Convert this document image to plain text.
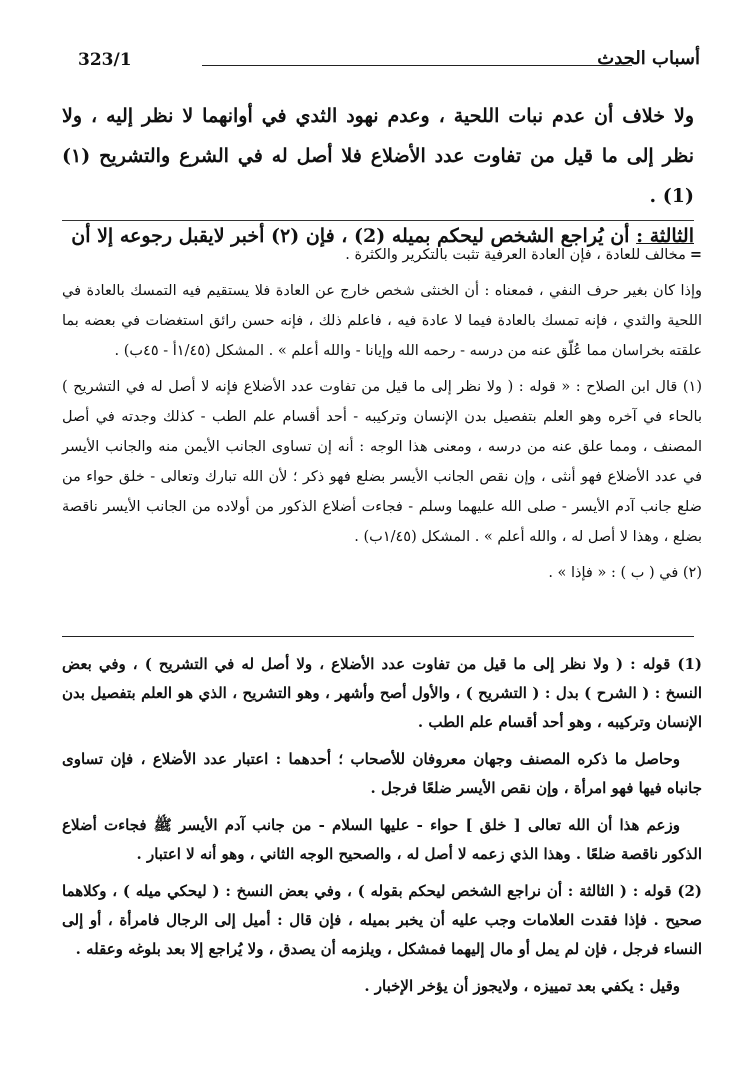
323/1	أسباب الحدث

ولا خلاف أن عدم نبات اللحية ، وعدم نهود الثدي في أوانهما لا نظر إليه ، ولا نظر إلى ما قيل من تفاوت عدد الأضلاع فلا أصل له في الشرع والتشريح (١) (1) .

الثالثة : أن يُراجع الشخص ليحكم بميله (2) ، فإن (٢) أخبر لايقبل رجوعه إلا أن

=مخالف للعادة ، فإن العادة العرفية تثبت بالتكرير والكثرة .

وإذا كان بغير حرف النفي ، فمعناه : أن الخنثى شخص خارج عن العادة فلا يستقيم فيه التمسك بالعادة في اللحية والثدي ، فإنه تمسك بالعادة فيما لا عادة فيه ، فاعلم ذلك ، فإنه حسن رائق استغضات في بعضه بما علقته بخراسان مما عُلّق عنه من درسه - رحمه الله وإيانا - والله أعلم » . المشكل (١/٤٥أ - ٤٥ب) .

(١) قال ابن الصلاح : « قوله : ( ولا نظر إلى ما قيل من تفاوت عدد الأضلاع فإنه لا أصل له في التشريح ) بالحاء في آخره وهو العلم بتفصيل بدن الإنسان وتركيبه - أحد أقسام علم الطب - كذلك وجدته في أصل المصنف ، ومما علق عنه من درسه ، ومعنى هذا الوجه : أنه إن تساوى الجانب الأيمن منه والجانب الأيسر في عدد الأضلاع فهو أنثى ، وإن نقص الجانب الأيسر بضلع فهو ذكر ؛ لأن الله تبارك وتعالى - خلق حواء من ضلع جانب آدم الأيسر - صلى الله عليهما وسلم - فجاءت أضلاع الذكور من أولاده من الجانب الأيسر ناقصة بضلع ، وهذا لا أصل له ، والله أعلم » . المشكل (١/٤٥ب) .

(٢) في ( ب ) : « فإذا » .

(1) قوله : ( ولا نظر إلى ما قيل من تفاوت عدد الأضلاع ، ولا أصل له في التشريح ) ، وفي بعض النسخ : ( الشرح ) بدل : ( التشريح ) ، والأول أصح وأشهر ، وهو التشريح ، الذي هو العلم بتفصيل بدن الإنسان وتركيبه ، وهو أحد أقسام علم الطب .

وحاصل ما ذكره المصنف وجهان معروفان للأصحاب ؛ أحدهما : اعتبار عدد الأضلاع ، فإن تساوى جانباه فيها فهو امرأة ، وإن نقص الأيسر ضلعًا فرجل .

وزعم هذا أن الله تعالى [ خلق ] حواء - عليها السلام - من جانب آدم الأيسر ﷺ فجاءت أضلاع الذكور ناقصة ضلعًا . وهذا الذي زعمه لا أصل له ، والصحيح الوجه الثاني ، وهو أنه لا اعتبار .

(2) قوله : ( الثالثة : أن نراجع الشخص ليحكم بقوله ) ، وفي بعض النسخ : ( ليحكي ميله ) ، وكلاهما صحيح . فإذا فقدت العلامات وجب عليه أن يخبر بميله ، فإن قال : أميل إلى الرجال فامرأة ، أو إلى النساء فرجل ، فإن لم يمل أو مال إليهما فمشكل ، ويلزمه أن يصدق ، ولا يُراجع إلا بعد بلوغه وعقله .

وقيل : يكفي بعد تمييزه ، ولايجوز أن يؤخر الإخبار .
